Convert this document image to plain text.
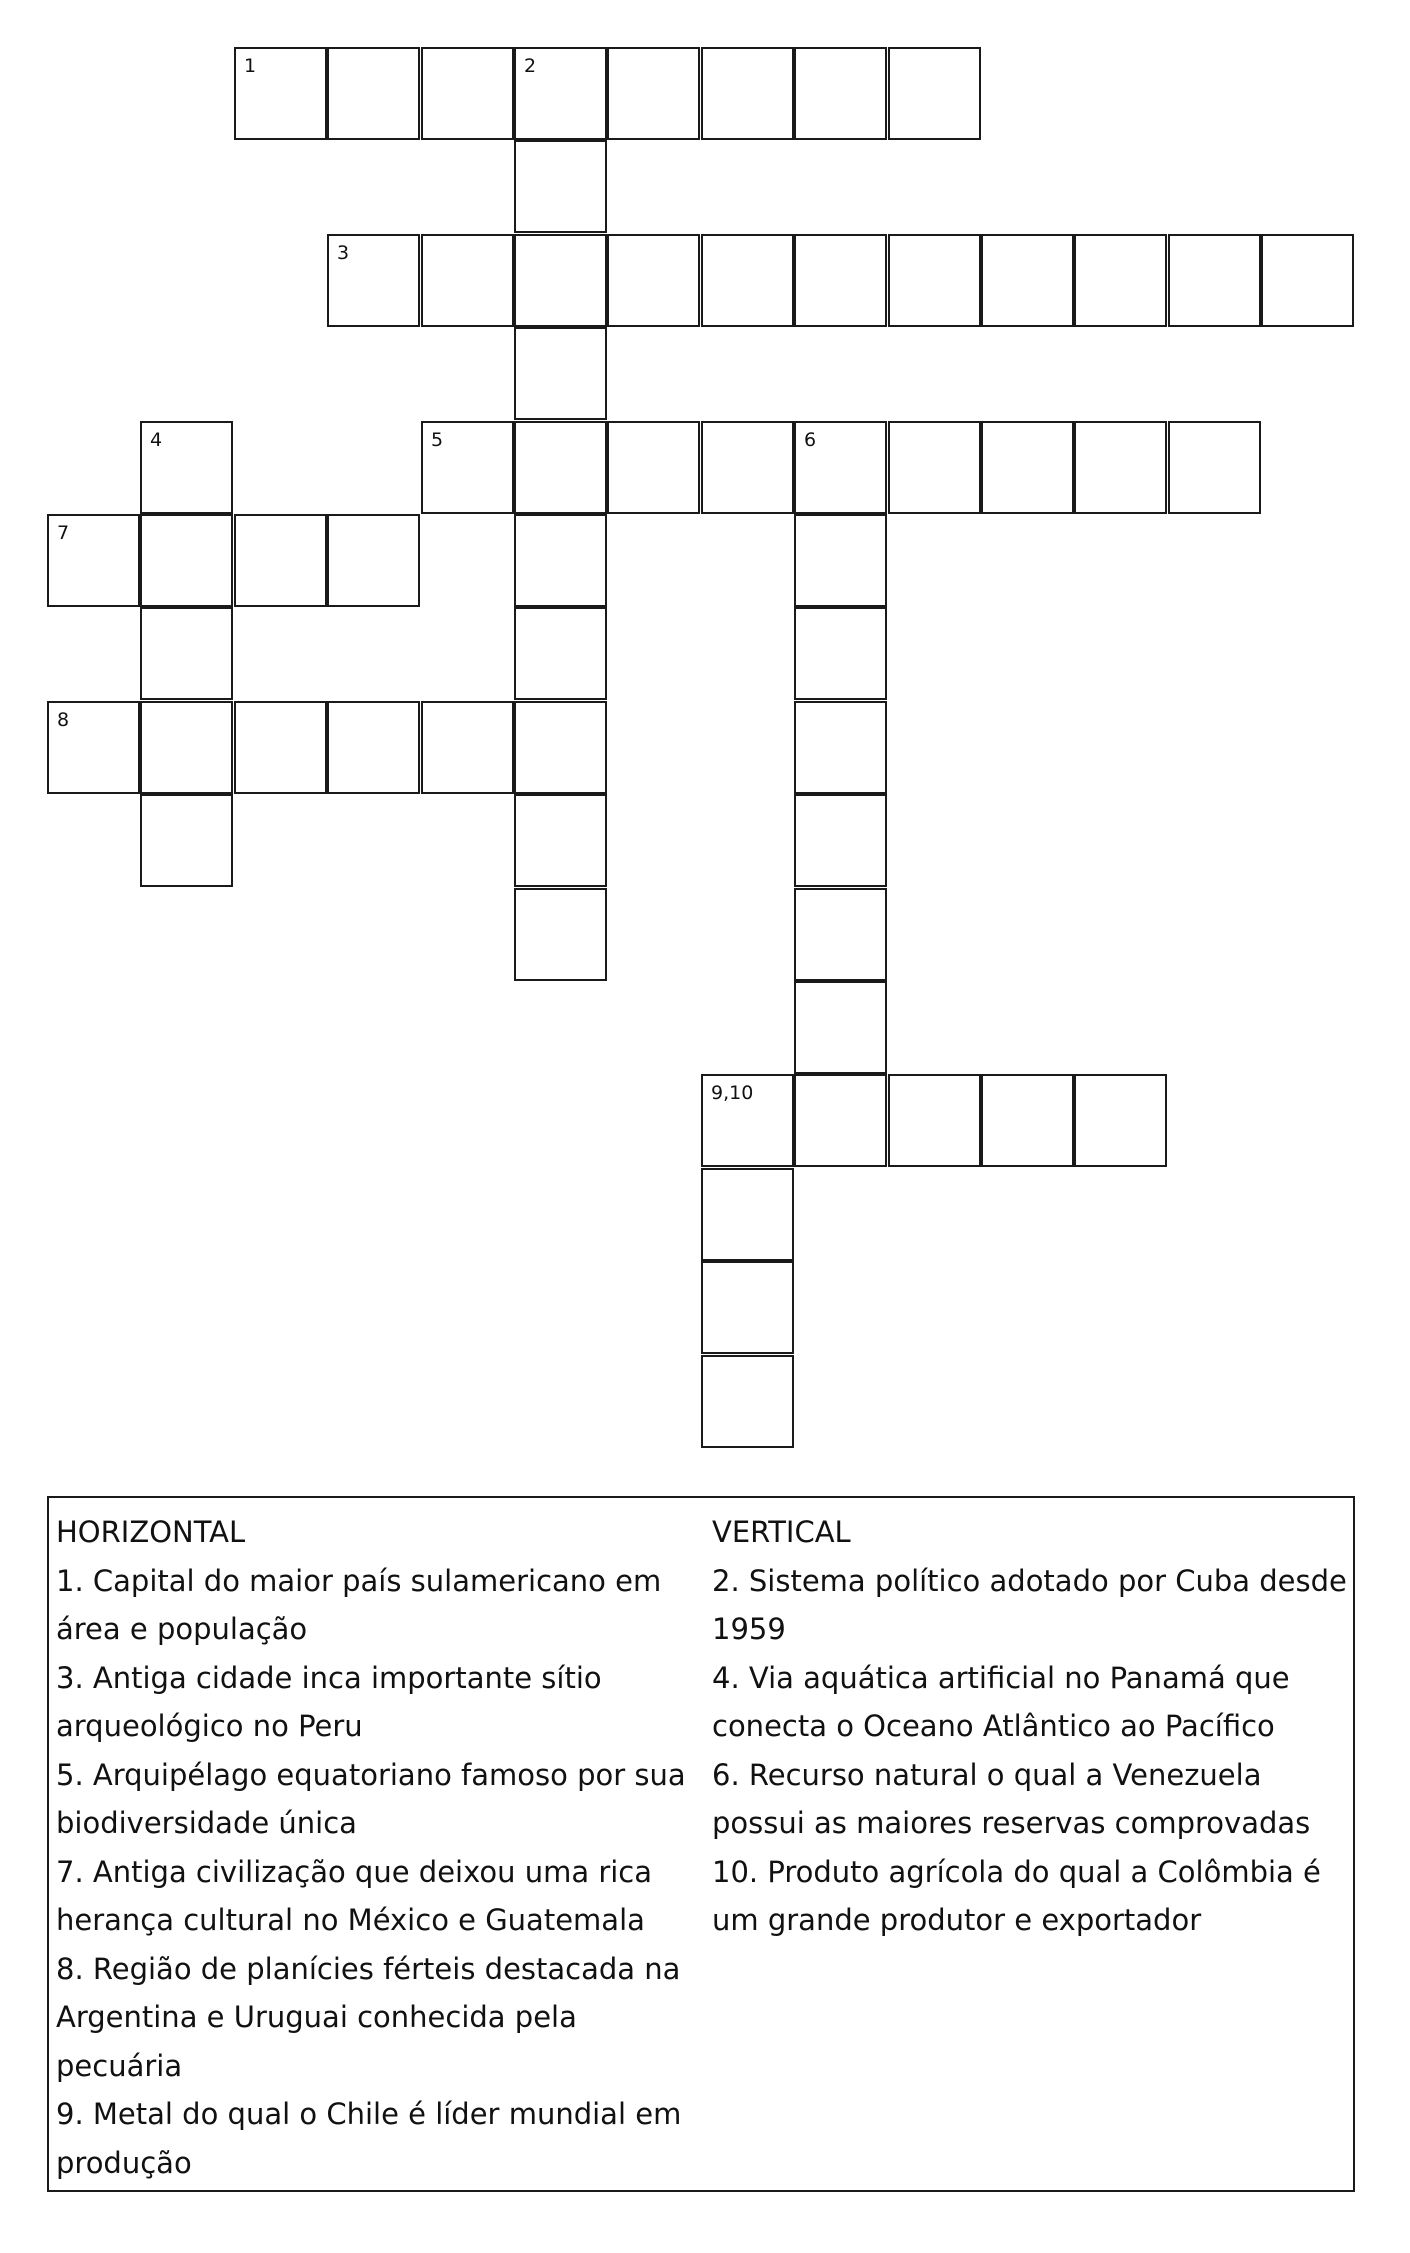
1	2
3
4	5	6
7
8
9,10

HORIZONTAL

1. Capital do maior país sulamericano em área e população

3. Antiga cidade inca importante sítio arqueológico no Peru

5. Arquipélago equatoriano famoso por sua biodiversidade única

7. Antiga civilização que deixou uma rica herança cultural no México e Guatemala

8. Região de planícies férteis destacada na Argentina e Uruguai conhecida pela pecuária

9. Metal do qual o Chile é líder mundial em produção

VERTICAL

2. Sistema político adotado por Cuba desde 1959

4. Via aquática artificial no Panamá que conecta o Oceano Atlântico ao Pacífico

6. Recurso natural o qual a Venezuela possui as maiores reservas comprovadas

10. Produto agrícola do qual a Colômbia é um grande produtor e exportador
